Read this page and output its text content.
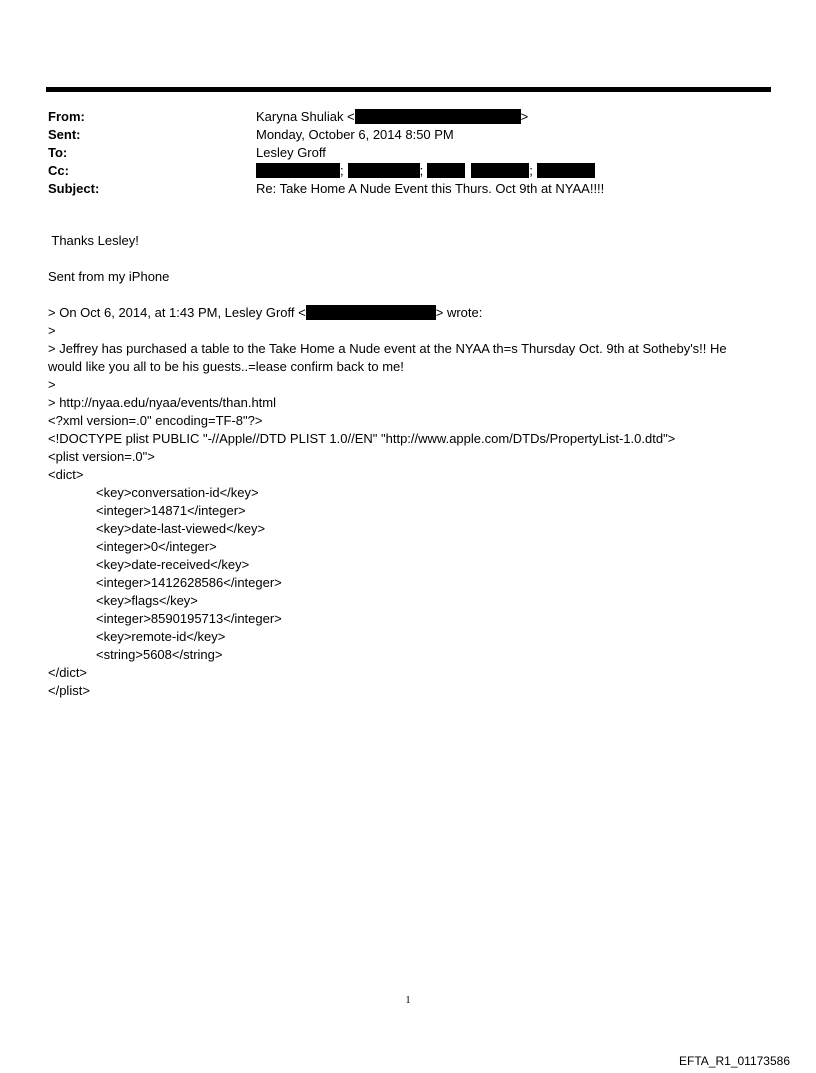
From:	Karyna Shuliak <	>
Sent:	Monday, October 6, 2014 8:50 PM
To:	Lesley Groff
Cc:	;	;	;
Subject:	Re: Take Home A Nude Event this Thurs. Oct 9th at NYAA!!!!

Thanks Lesley!

Sent from my iPhone

> On Oct 6, 2014, at 1:43 PM, Lesley Groff <	> wrote:

>

> Jeffrey has purchased a table to the Take Home a Nude event at the NYAA th=s Thursday Oct. 9th at Sotheby's!! He

would like you all to be his guests..=lease confirm back to me!

>

> http://nyaa.edu/nyaa/events/than.html

<?xml version=.0" encoding=TF-8"?>

<!DOCTYPE plist PUBLIC "-//Apple//DTD PLIST 1.0//EN" "http://www.apple.com/DTDs/PropertyList-1.0.dtd">

<plist version=.0">

<dict>

<key>conversation-id</key>

<integer>14871</integer>

<key>date-last-viewed</key>

<integer>0</integer>

<key>date-received</key>

<integer>1412628586</integer>

<key>flags</key>

<integer>8590195713</integer>

<key>remote-id</key>

<string>5608</string>

</dict>

</plist>

1
EFTA_R1_01173586
